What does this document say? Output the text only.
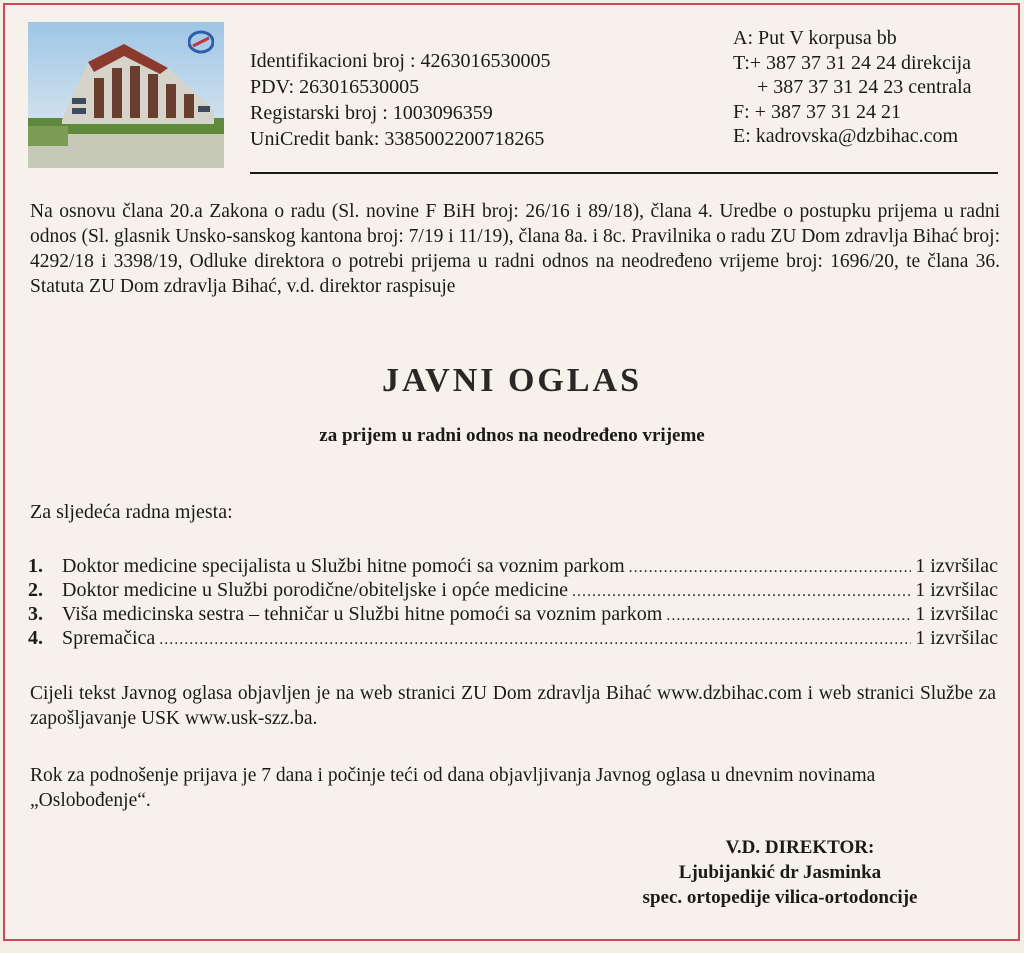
Identifikacioni broj : 4263016530005
PDV: 263016530005
Registarski broj : 1003096359
UniCredit bank: 3385002200718265
A: Put V korpusa bb
T:+ 387 37 31 24 24 direkcija
+ 387 37 31 24 23 centrala
F: + 387 37 31 24 21
E: kadrovska@dzbihac.com
Na osnovu člana 20.a Zakona o radu (Sl. novine F BiH broj: 26/16 i 89/18), člana 4. Uredbe o postupku prijema u radni odnos (Sl. glasnik Unsko-sanskog kantona broj: 7/19 i 11/19), člana 8a. i 8c. Pravilnika o radu ZU Dom zdravlja Bihać broj: 4292/18 i 3398/19, Odluke direktora o potrebi prijema u radni odnos na neodređeno vrijeme broj: 1696/20, te člana 36. Statuta ZU Dom zdravlja Bihać, v.d. direktor raspisuje
JAVNI OGLAS
za prijem u radni odnos na neodređeno vrijeme
Za sljedeća radna mjesta:
1. Doktor medicine specijalista u Službi hitne pomoći sa voznim parkom .....	1 izvršilac
2. Doktor medicine u Službi porodične/obiteljske i opće medicine .....	1 izvršilac
3. Viša medicinska sestra – tehničar u Službi hitne pomoći sa voznim parkom .....	1 izvršilac
4. Spremačica .....	1 izvršilac
Cijeli tekst Javnog oglasa objavljen je na web stranici ZU Dom zdravlja Bihać www.dzbihac.com i web stranici Službe za zapošljavanje USK www.usk-szz.ba.
Rok za podnošenje prijava je 7 dana i počinje teći od dana objavljivanja Javnog oglasa u dnevnim novinama „Oslobođenje“.
V.D. DIREKTOR:
Ljubijankić dr Jasminka
spec. ortopedije vilica-ortodoncije
